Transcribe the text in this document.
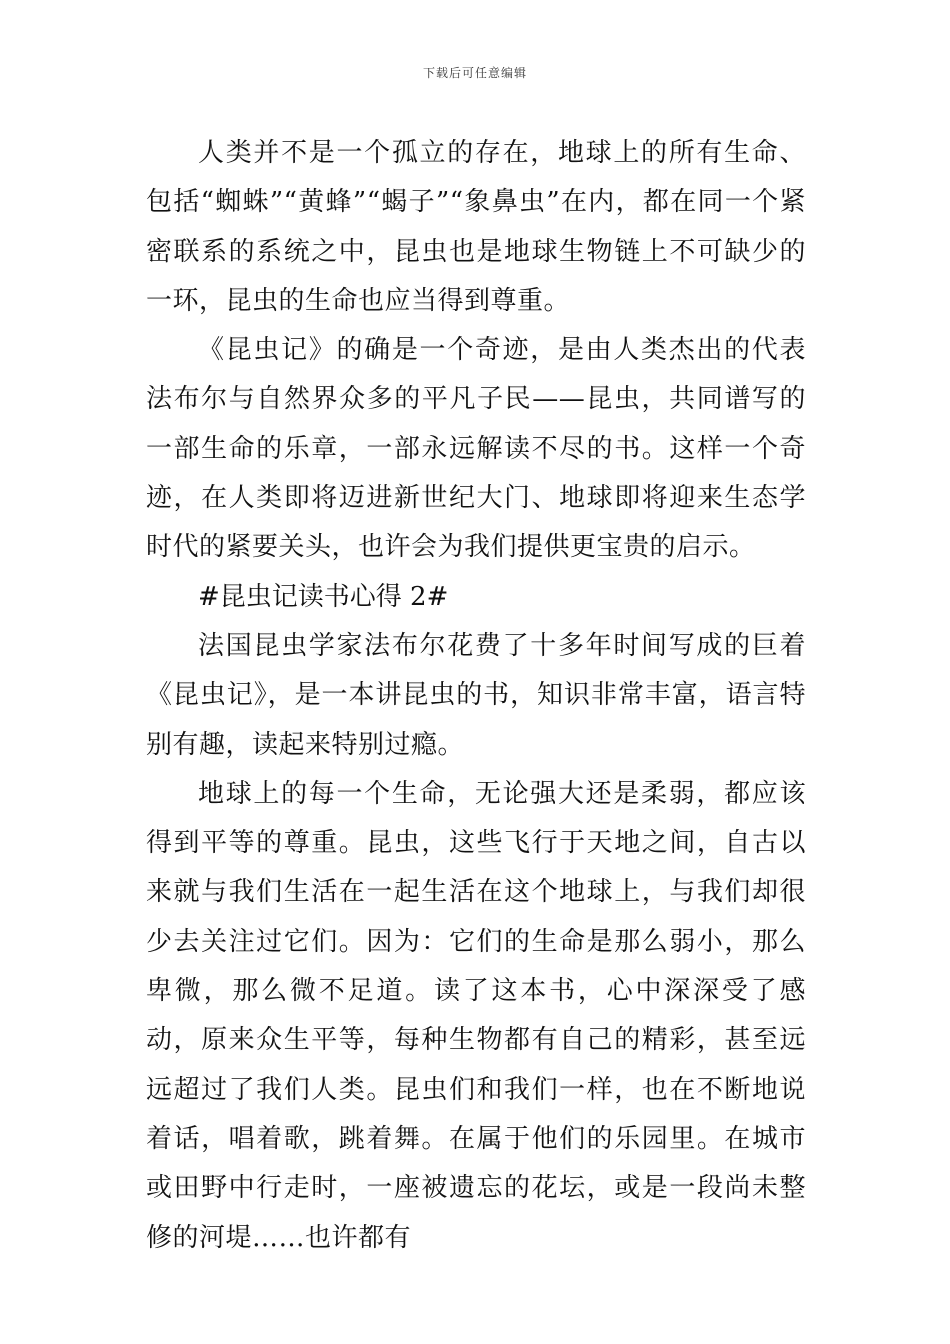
下载后可任意编辑

人类并不是一个孤立的存在，地球上的所有生命、包括“蜘蛛”“黄蜂”“蝎子”“象鼻虫”在内，都在同一个紧密联系的系统之中，昆虫也是地球生物链上不可缺少的一环，昆虫的生命也应当得到尊重。

《昆虫记》的确是一个奇迹，是由人类杰出的代表法布尔与自然界众多的平凡子民——昆虫，共同谱写的一部生命的乐章，一部永远解读不尽的书。这样一个奇迹，在人类即将迈进新世纪大门、地球即将迎来生态学时代的紧要关头，也许会为我们提供更宝贵的启示。

#昆虫记读书心得 2#

法国昆虫学家法布尔花费了十多年时间写成的巨着《昆虫记》，是一本讲昆虫的书，知识非常丰富，语言特别有趣，读起来特别过瘾。

地球上的每一个生命，无论强大还是柔弱，都应该得到平等的尊重。昆虫，这些飞行于天地之间，自古以来就与我们生活在一起生活在这个地球上，与我们却很少去关注过它们。因为：它们的生命是那么弱小，那么卑微，那么微不足道。读了这本书，心中深深受了感动，原来众生平等，每种生物都有自己的精彩，甚至远远超过了我们人类。昆虫们和我们一样，也在不断地说着话，唱着歌，跳着舞。在属于他们的乐园里。在城市或田野中行走时，一座被遗忘的花坛，或是一段尚未整修的河堤……也许都有
